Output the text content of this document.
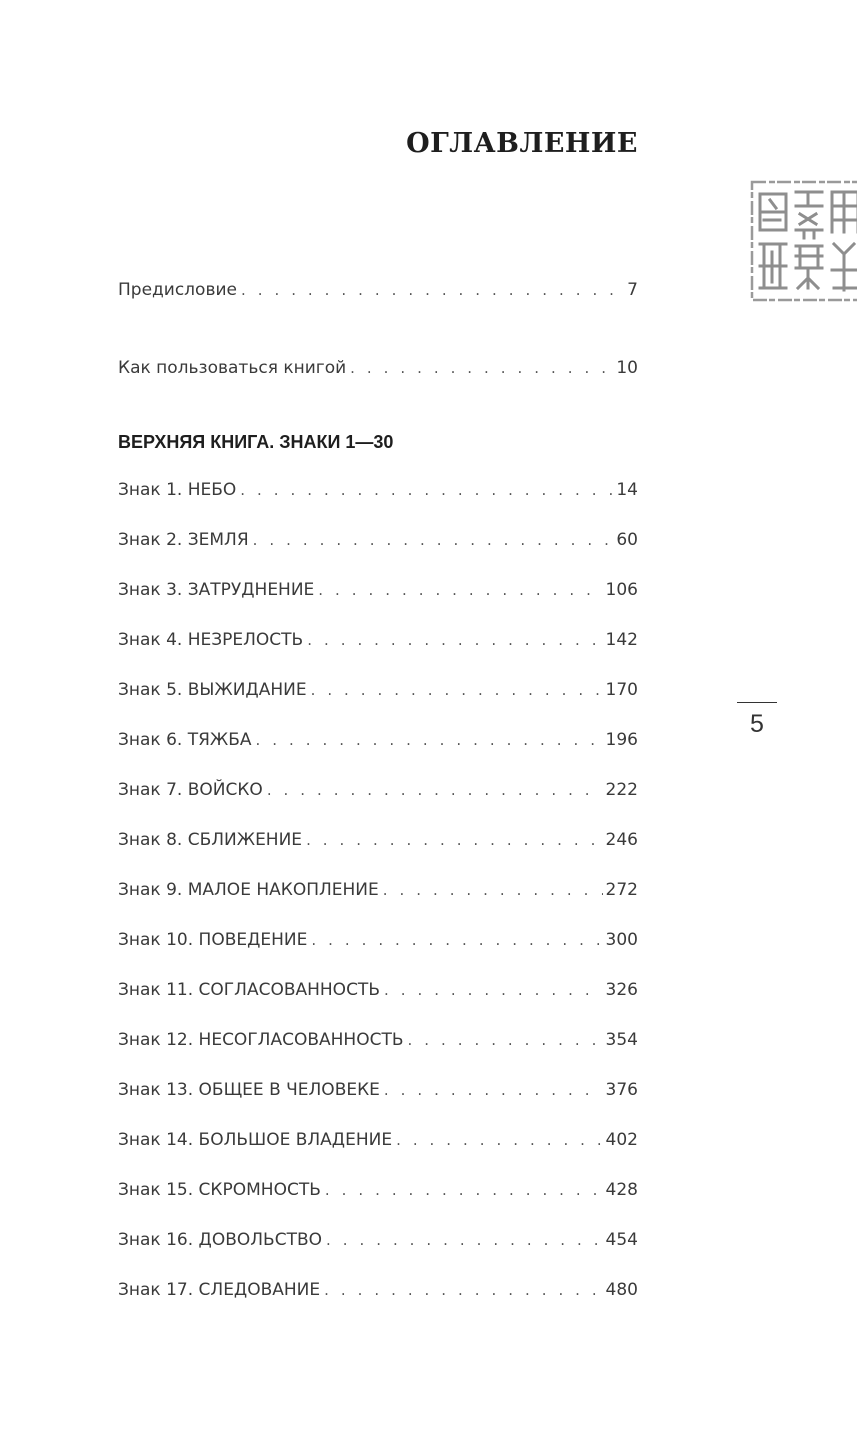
ОГЛАВЛЕНИЕ
Предисловие . . .	7
Как пользоваться книгой . . .	10
ВЕРХНЯЯ КНИГА. ЗНАКИ 1—30
Знак 1. НЕБО . . .	14
Знак 2. ЗЕМЛЯ . . .	60
Знак 3. ЗАТРУДНЕНИЕ . . .	106
Знак 4. НЕЗРЕЛОСТЬ . . .	142
Знак 5. ВЫЖИДАНИЕ . . .	170
Знак 6. ТЯЖБА . . .	196
Знак 7. ВОЙСКО . . .	222
Знак 8. СБЛИЖЕНИЕ . . .	246
Знак 9. МАЛОЕ НАКОПЛЕНИЕ . . .	272
Знак 10. ПОВЕДЕНИЕ . . .	300
Знак 11. СОГЛАСОВАННОСТЬ . . .	326
Знак 12. НЕСОГЛАСОВАННОСТЬ . . .	354
Знак 13. ОБЩЕЕ В ЧЕЛОВЕКЕ . . .	376
Знак 14. БОЛЬШОЕ ВЛАДЕНИЕ . . .	402
Знак 15. СКРОМНОСТЬ . . .	428
Знак 16. ДОВОЛЬСТВО . . .	454
Знак 17. СЛЕДОВАНИЕ . . .	480
5
